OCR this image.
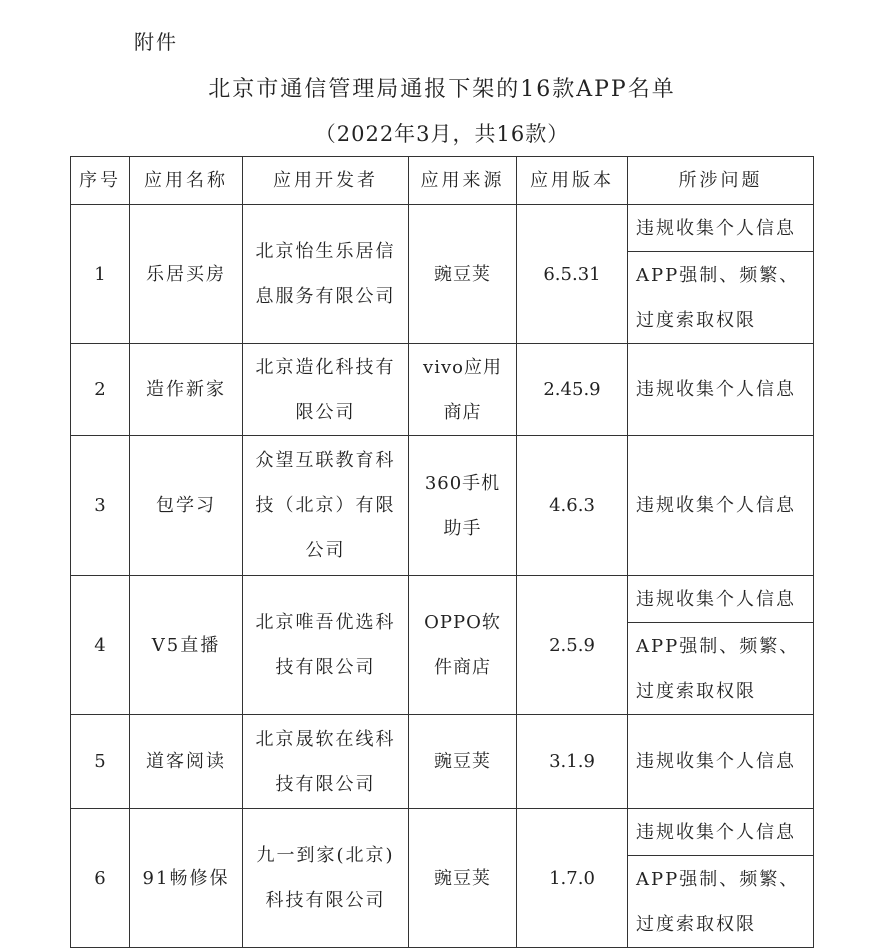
附件
北京市通信管理局通报下架的16款APP名单
（2022年3月，共16款）
序号	应用名称	应用开发者	应用来源	应用版本	所涉问题
1	乐居买房	北京怡生乐居信息服务有限公司	豌豆荚	6.5.31	违规收集个人信息
					APP强制、频繁、过度索取权限
2	造作新家	北京造化科技有限公司	vivo应用商店	2.45.9	违规收集个人信息
3	包学习	众望互联教育科技（北京）有限公司	360手机助手	4.6.3	违规收集个人信息
4	V5直播	北京唯吾优选科技有限公司	OPPO软件商店	2.5.9	违规收集个人信息
					APP强制、频繁、过度索取权限
5	道客阅读	北京晟软在线科技有限公司	豌豆荚	3.1.9	违规收集个人信息
6	91畅修保	九一到家(北京)科技有限公司	豌豆荚	1.7.0	违规收集个人信息
					APP强制、频繁、过度索取权限
